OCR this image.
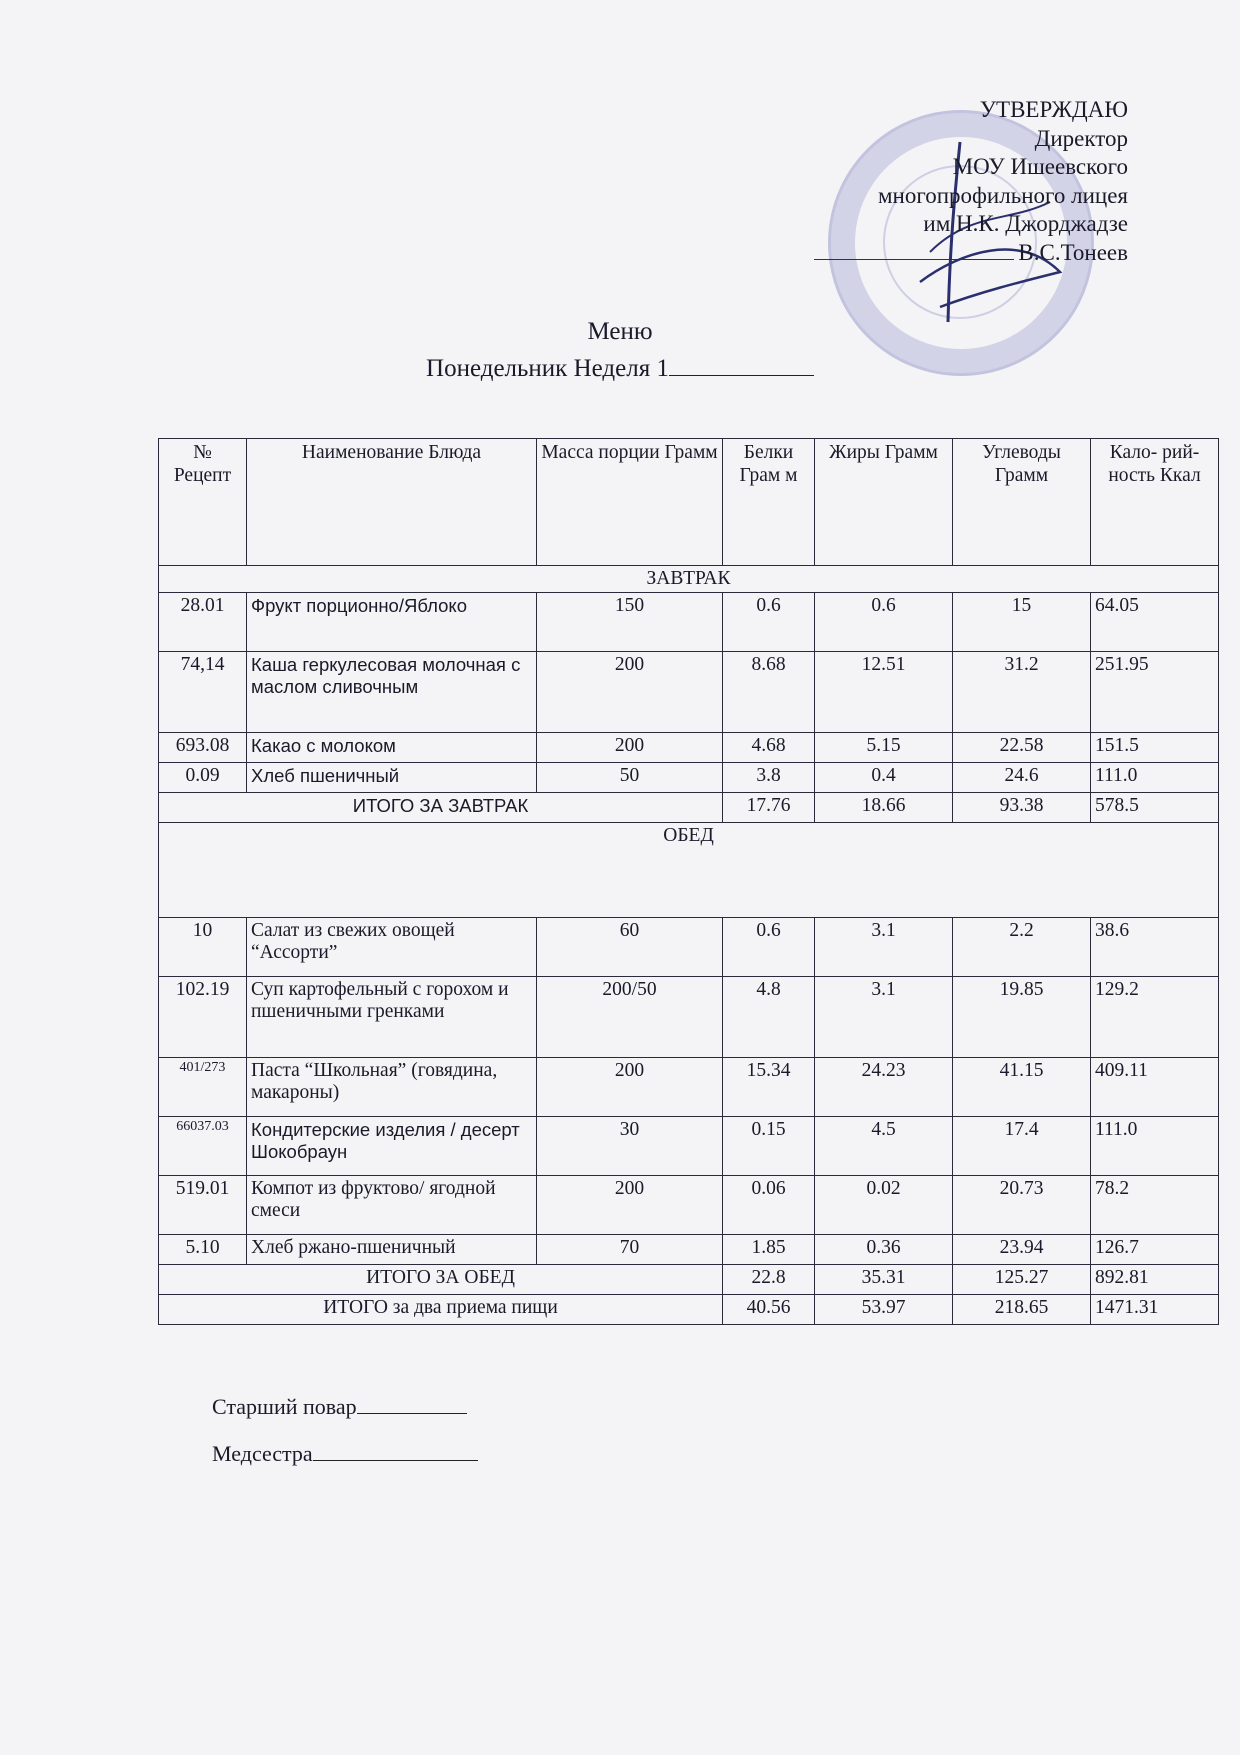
УТВЕРЖДАЮ
Директор
МОУ Ишеевского
многопрофильного лицея
им Н.К. Джорджадзе
В.С.Тонеев
Меню
Понедельник Неделя 1
№ Рецепт	Наименование Блюда	Масса порции Грамм	Белки Грам м	Жиры Грамм	Углеводы Грамм	Кало- рий- ность Ккал
ЗАВТРАК						
28.01	Фрукт порционно/Яблоко	150	0.6	0.6	15	64.05
74,14	Каша геркулесовая молочная с маслом сливочным	200	8.68	12.51	31.2	251.95
693.08	Какао с молоком	200	4.68	5.15	22.58	151.5
0.09	Хлеб пшеничный	50	3.8	0.4	24.6	111.0
ИТОГО ЗА ЗАВТРАК			17.76	18.66	93.38	578.5
ОБЕД						
10	Салат из свежих овощей “Ассорти”	60	0.6	3.1	2.2	38.6
102.19	Суп картофельный с горохом и пшеничными гренками	200/50	4.8	3.1	19.85	129.2
401/273	Паста “Школьная” (говядина, макароны)	200	15.34	24.23	41.15	409.11
66037.03	Кондитерские изделия / десерт Шокобраун	30	0.15	4.5	17.4	111.0
519.01	Компот из фруктово/ ягодной смеси	200	0.06	0.02	20.73	78.2
5.10	Хлеб ржано-пшеничный	70	1.85	0.36	23.94	126.7
ИТОГО ЗА ОБЕД			22.8	35.31	125.27	892.81
ИТОГО за два приема пищи			40.56	53.97	218.65	1471.31
Старший повар
Медсестра
